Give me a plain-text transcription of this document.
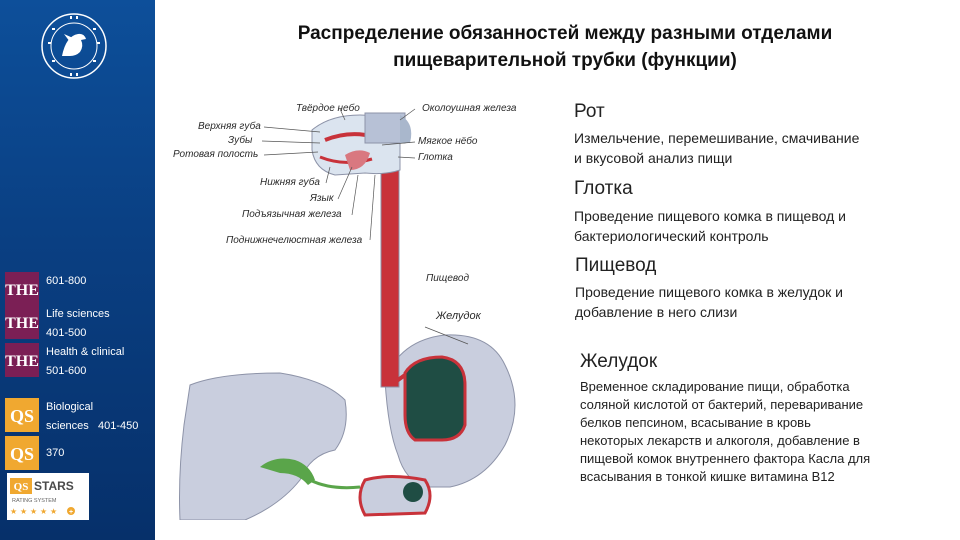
THE
601-800
THE
Life sciences
401-500
THE
Health & clinical
501-600
QS Biological
sciences   401-450
QS 370
QS STARS
RATING SYSTEM
★ ★ ★ ★ ★ +
Распределение обязанностей между разными отделами пищеварительной трубки (функции)
Твёрдое небо	Околоушная железа
Верхняя губа
Зубы
Ротовая полость
Мягкое нёбо
Глотка
Нижняя губа
Язык
Подъязычная железа
Поднижнечелюстная железа
Пищевод
Желудок
Рот
Измельчение, перемешивание, смачивание
и вкусовой анализ пищи
Глотка
Проведение пищевого комка в пищевод и
бактериологический контроль
Пищевод
Проведение пищевого комка в желудок и
добавление в него слизи
Желудок
Временное складирование пищи, обработка
соляной кислотой от бактерий, переваривание
белков пепсином, всасывание в кровь
некоторых лекарств и алкоголя, добавление в
пищевой комок внутреннего фактора Касла для
всасывания в тонкой кишке витамина В12
